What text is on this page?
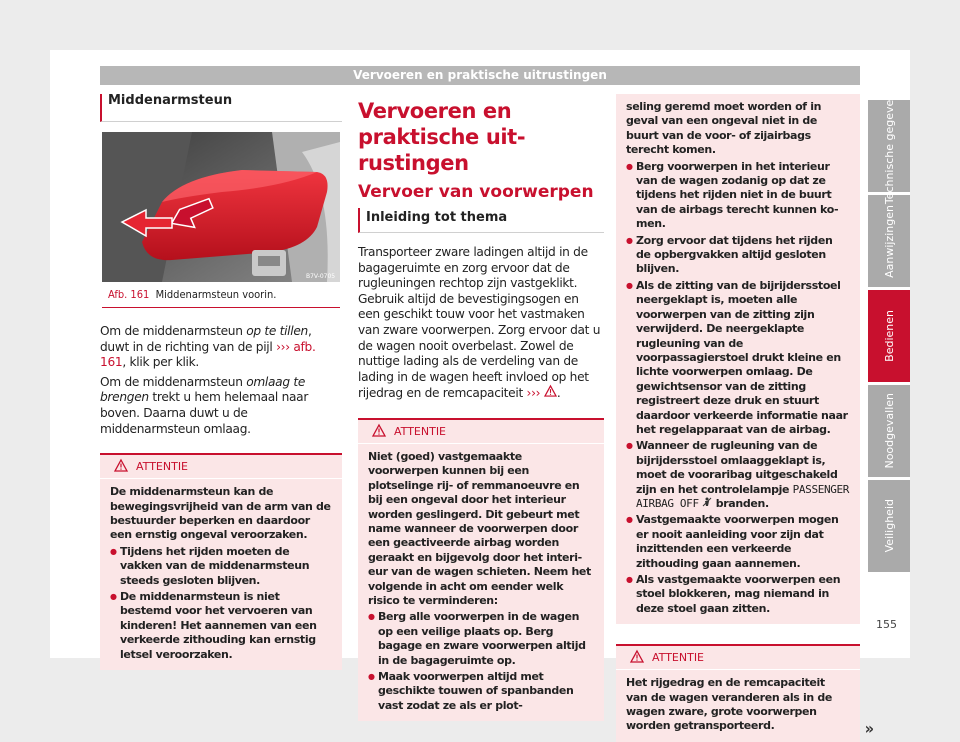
Vervoeren en praktische uitrustingen
Middenarmsteun
B7V-0705
Afb. 161 Middenarmsteun voorin.
Om de middenarmsteun op te tillen, duwt in de richting van de pijl ››› afb. 161, klik per klik.
Om de middenarmsteun omlaag te brengen trekt u hem helemaal naar boven. Daarna duwt u de middenarmsteun omlaag.
ATTENTIE
De middenarmsteun kan de bewegingsvrijheid van de arm van de bestuurder beperken en daardoor een ernstig ongeval veroorzaken.
● Tijdens het rijden moeten de vakken van de middenarmsteun steeds gesloten blijven.
● De middenarmsteun is niet bestemd voor het vervoeren van kinderen! Het aannemen van een verkeerde zithouding kan ernstig letsel veroorzaken.
Vervoeren en praktische uitrustingen
Vervoer van voorwerpen
Inleiding tot thema
Transporteer zware ladingen altijd in de bagageruimte en zorg ervoor dat de rugleuningen rechtop zijn vastgeklikt. Gebruik altijd de bevestigingsogen en een geschikt touw voor het vastmaken van zware voorwerpen. Zorg ervoor dat u de wagen nooit overbelast. Zowel de nuttige lading als de verdeling van de lading in de wagen heeft invloed op het rijedrag en de remcapaciteit ››› .
ATTENTIE
Niet (goed) vastgemaakte voorwerpen kunnen bij een plotselinge rij- of remmanoeuvre en bij een ongeval door het interieur worden geslingerd. Dit gebeurt met name wanneer de voorwerpen door een geactiveerde airbag worden geraakt en bijgevolg door het interieur van de wagen schieten. Neem het volgende in acht om eender welk risico te verminderen:
● Berg alle voorwerpen in de wagen op een veilige plaats op. Berg bagage en zware voorwerpen altijd in de bagageruimte op.
● Maak voorwerpen altijd met geschikte touwen of spanbanden vast zodat ze als er plot-
seling geremd moet worden of in geval van een ongeval niet in de buurt van de voor- of zijairbags terecht komen.
● Berg voorwerpen in het interieur van de wagen zodanig op dat ze tijdens het rijden niet in de buurt van de airbags terecht kunnen komen.
● Zorg ervoor dat tijdens het rijden de opbergvakken altijd gesloten blijven.
● Als de zitting van de bijrijdersstoel neergeklapt is, moeten alle voorwerpen van de zitting zijn verwijderd. De neergeklapte rugleuning van de voorpassagierstoel drukt kleine en lichte voorwerpen omlaag. De gewichtsensor van de zitting registreert deze druk en stuurt daardoor verkeerde informatie naar het regelapparaat van de airbag.
● Wanneer de rugleuning van de bijrijdersstoel omlaaggeklapt is, moet de vooraribag uitgeschakeld zijn en het controlelampje PASSENGER AIRBAG OFF  branden.
● Vastgemaakte voorwerpen mogen er nooit aanleiding voor zijn dat inzittenden een verkeerde zithouding gaan aannemen.
● Als vastgemaakte voorwerpen een stoel blokkeren, mag niemand in deze stoel gaan zitten.
ATTENTIE
Het rijgedrag en de remcapaciteit van de wagen veranderen als in de wagen zware, grote voorwerpen worden getransporteerd.	»
Technische gegevens
Aanwijzingen
Bedienen
Noodgevallen
Veiligheid
155
